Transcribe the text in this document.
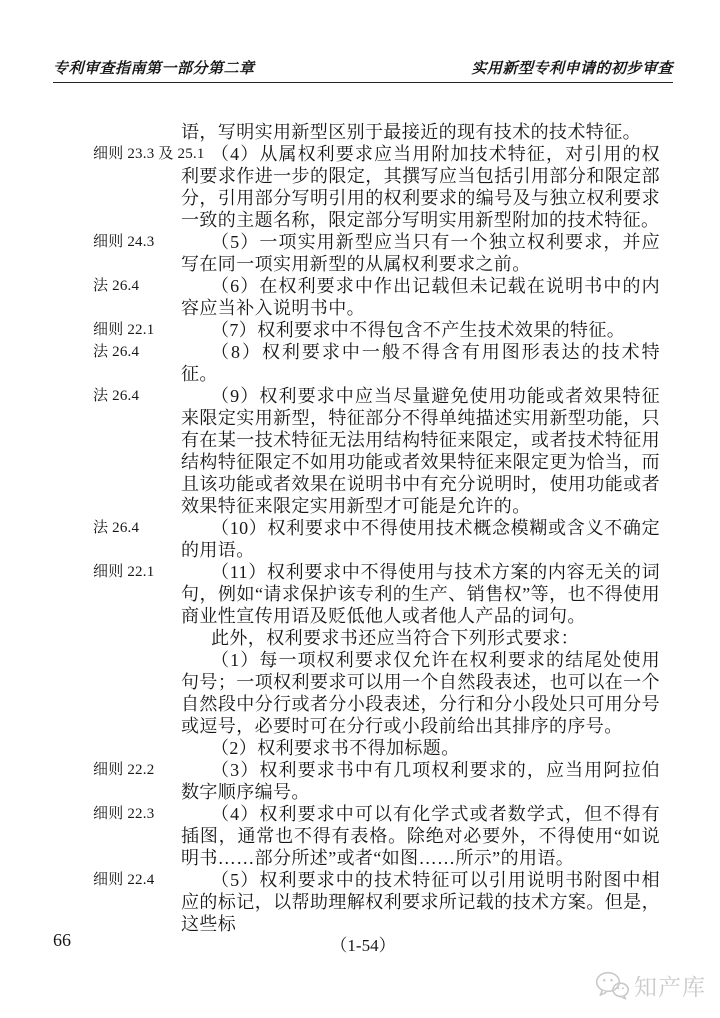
专利审查指南第一部分第二章	实用新型专利申请的初步审查
语，写明实用新型区别于最接近的现有技术的技术特征。
细则 23.3 及 25.1 （4）从属权利要求应当用附加技术特征，对引用的权利要求作进一步的限定，其撰写应当包括引用部分和限定部分，引用部分写明引用的权利要求的编号及与独立权利要求一致的主题名称，限定部分写明实用新型附加的技术特征。
细则 24.3	（5）一项实用新型应当只有一个独立权利要求，并应写在同一项实用新型的从属权利要求之前。
法 26.4	（6）在权利要求中作出记载但未记载在说明书中的内容应当补入说明书中。
细则 22.1	（7）权利要求中不得包含不产生技术效果的特征。
法 26.4	（8）权利要求中一般不得含有用图形表达的技术特征。
法 26.4	（9）权利要求中应当尽量避免使用功能或者效果特征来限定实用新型，特征部分不得单纯描述实用新型功能，只有在某一技术特征无法用结构特征来限定，或者技术特征用结构特征限定不如用功能或者效果特征来限定更为恰当，而且该功能或者效果在说明书中有充分说明时，使用功能或者效果特征来限定实用新型才可能是允许的。
法 26.4	（10）权利要求中不得使用技术概念模糊或含义不确定的用语。
细则 22.1	（11）权利要求中不得使用与技术方案的内容无关的词句，例如“请求保护该专利的生产、销售权”等，也不得使用商业性宣传用语及贬低他人或者他人产品的词句。
此外，权利要求书还应当符合下列形式要求：
（1）每一项权利要求仅允许在权利要求的结尾处使用句号；一项权利要求可以用一个自然段表述，也可以在一个自然段中分行或者分小段表述，分行和分小段处只可用分号或逗号，必要时可在分行或小段前给出其排序的序号。
（2）权利要求书不得加标题。
细则 22.2	（3）权利要求书中有几项权利要求的，应当用阿拉伯数字顺序编号。
细则 22.3	（4）权利要求中可以有化学式或者数学式，但不得有插图，通常也不得有表格。除绝对必要外，不得使用“如说明书……部分所述”或者“如图……所示”的用语。
细则 22.4	（5）权利要求中的技术特征可以引用说明书附图中相应的标记，以帮助理解权利要求所记载的技术方案。但是，这些标
66	（1-54）
知产库
